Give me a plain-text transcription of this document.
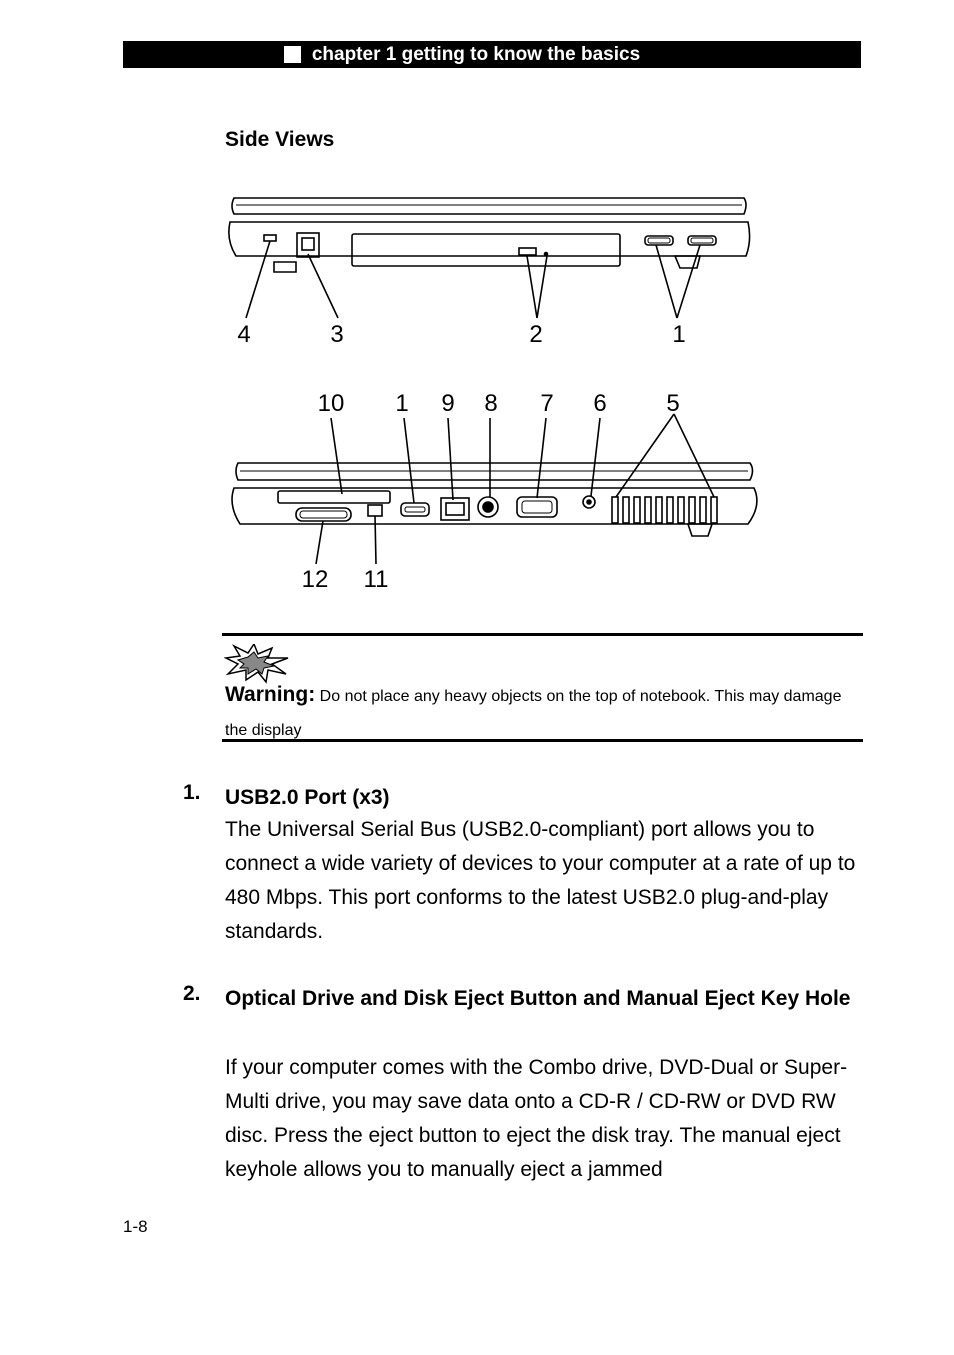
chapter 1 getting to know the basics
Side Views
4	3	2	1
10 1 9 8 7 6 5
12 11
Warning: Do not place any heavy objects on the top of notebook. This may damage the display
1. USB2.0 Port (x3)
The Universal Serial Bus (USB2.0-compliant) port allows you to connect a wide variety of devices to your computer at a rate of up to 480 Mbps. This port conforms to the latest USB2.0 plug-and-play standards.
2. Optical Drive and Disk Eject Button and Manual Eject Key Hole
If your computer comes with the Combo drive, DVD-Dual or Super-Multi drive, you may save data onto a CD-R / CD-RW or DVD RW disc. Press the eject button to eject the disk tray. The manual eject keyhole allows you to manually eject a jammed
1-8
